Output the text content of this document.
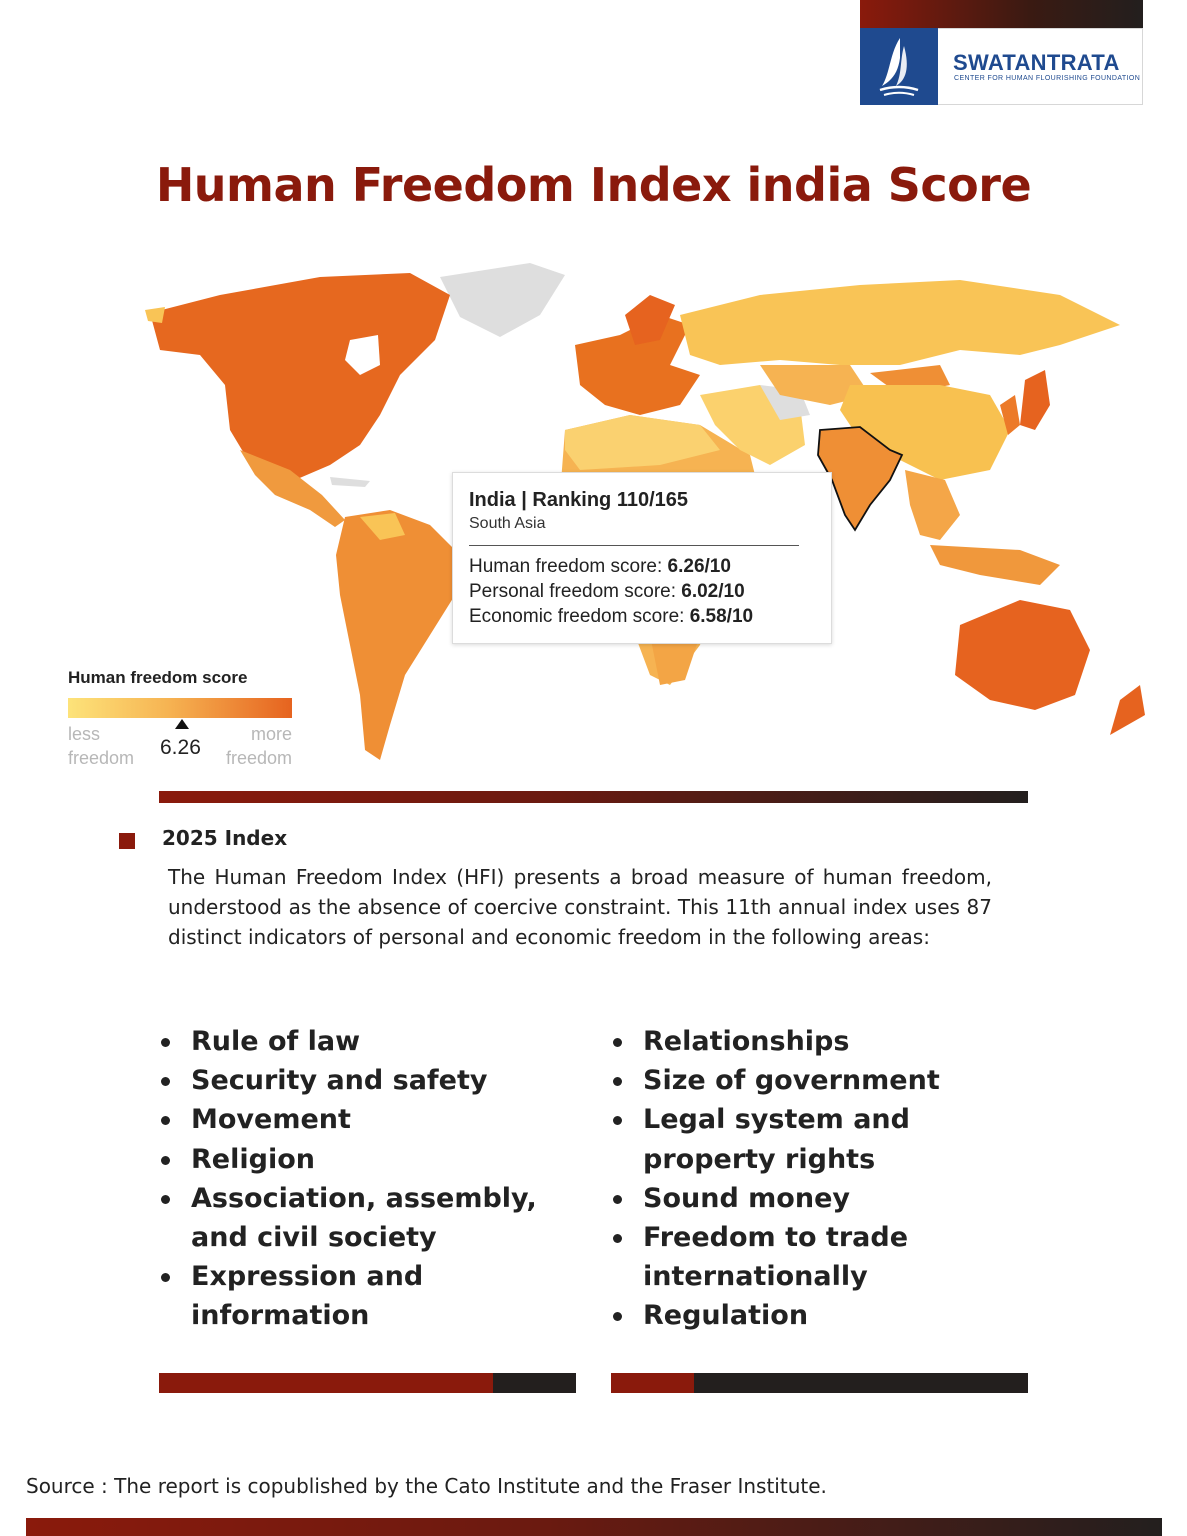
SWATANTRATA
CENTER FOR HUMAN FLOURISHING FOUNDATION
Human Freedom Index india Score
India | Ranking 110/165
South Asia
Human freedom score: 6.26/10
Personal freedom score: 6.02/10
Economic freedom score: 6.58/10
Human freedom score
6.26
less freedom
more freedom
2025 Index
The Human Freedom Index (HFI) presents a broad measure of human freedom, understood as the absence of coercive constraint. This 11th annual index uses 87 distinct indicators of personal and economic freedom in the following areas:
Rule of law
Security and safety
Movement
Religion
Association, assembly, and civil society
Expression and information
Relationships
Size of government
Legal system and property rights
Sound money
Freedom to trade internationally
Regulation
Source : The report is copublished by the Cato Institute and the Fraser Institute.
